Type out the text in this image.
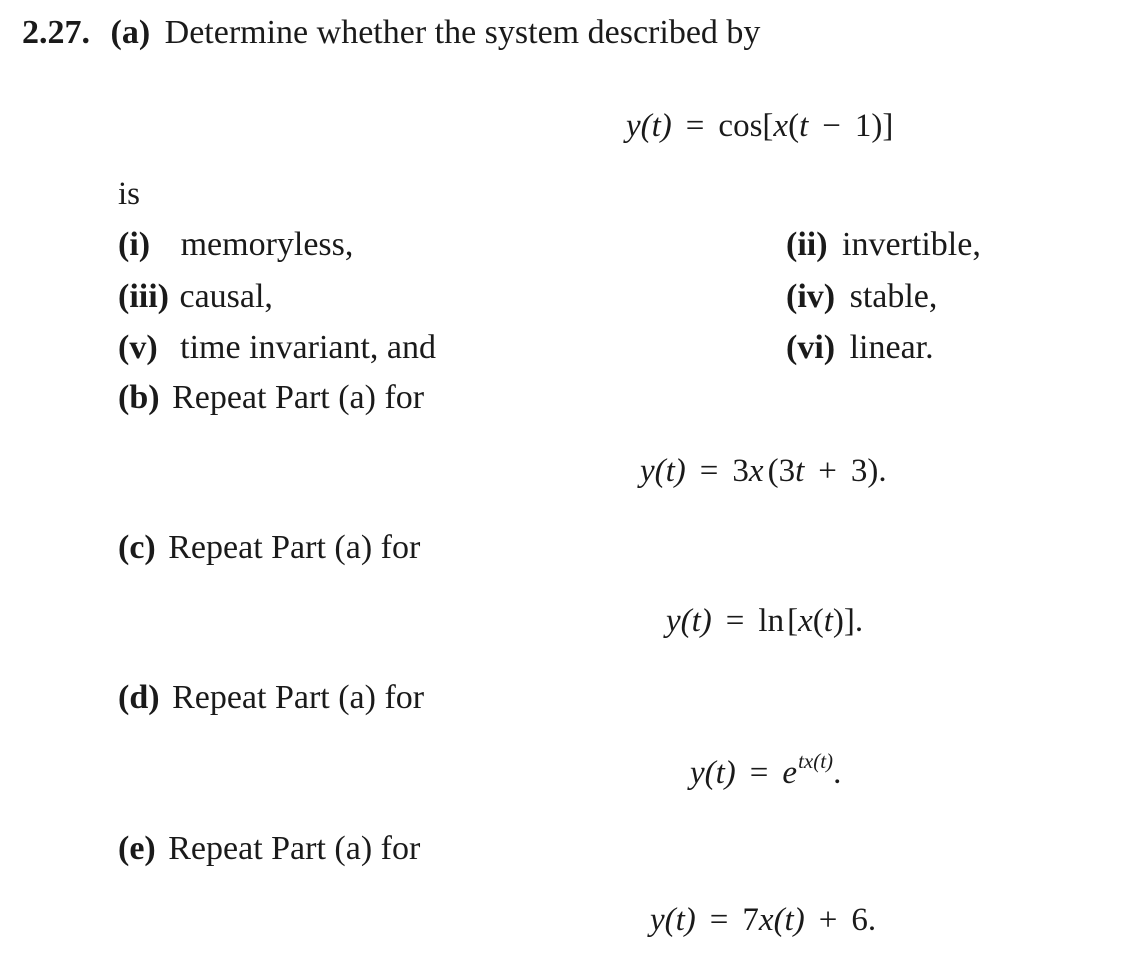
2.27. (a) Determine whether the system described by
y(t) = cos[x(t − 1)]
is
(i) memoryless,	(ii) invertible,
(iii) causal,	(iv) stable,
(v) time invariant, and	(vi) linear.
(b) Repeat Part (a) for
y(t) = 3x (3t + 3).
(c) Repeat Part (a) for
y(t) = ln[x(t)].
(d) Repeat Part (a) for
$y(t) = e^{tx(t)}$.
(e) Repeat Part (a) for
y(t) = 7x(t) + 6.
